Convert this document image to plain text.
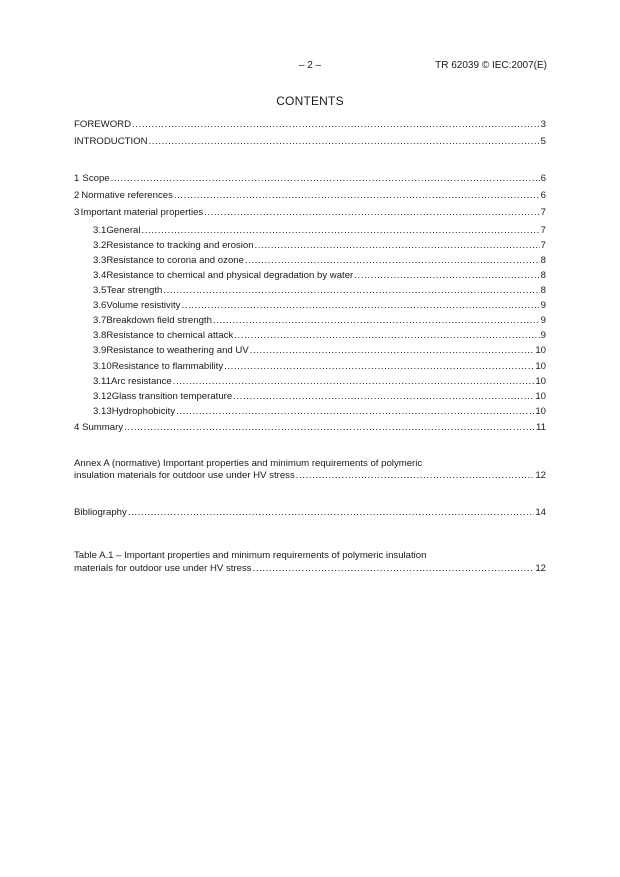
– 2 –	TR 62039 © IEC:2007(E)
CONTENTS
FOREWORD .....	3
INTRODUCTION .....	5
1 Scope .....	6
2 Normative references .....	6
3 Important material properties .....	7
3.1 General .....	7
3.2 Resistance to tracking and erosion .....	7
3.3 Resistance to corona and ozone .....	8
3.4 Resistance to chemical and physical degradation by water .....	8
3.5 Tear strength .....	8
3.6 Volume resistivity .....	9
3.7 Breakdown field strength .....	9
3.8 Resistance to chemical attack .....	9
3.9 Resistance to weathering and UV .....	10
3.10 Resistance to flammability .....	10
3.11 Arc resistance .....	10
3.12 Glass transition temperature .....	10
3.13 Hydrophobicity .....	10
4 Summary .....	11
Annex A (normative) Important properties and minimum requirements of polymeric
insulation materials for outdoor use under HV stress .....	12
Bibliography .....	14
Table A.1 – Important properties and minimum requirements of polymeric insulation
materials for outdoor use under HV stress .....	12
